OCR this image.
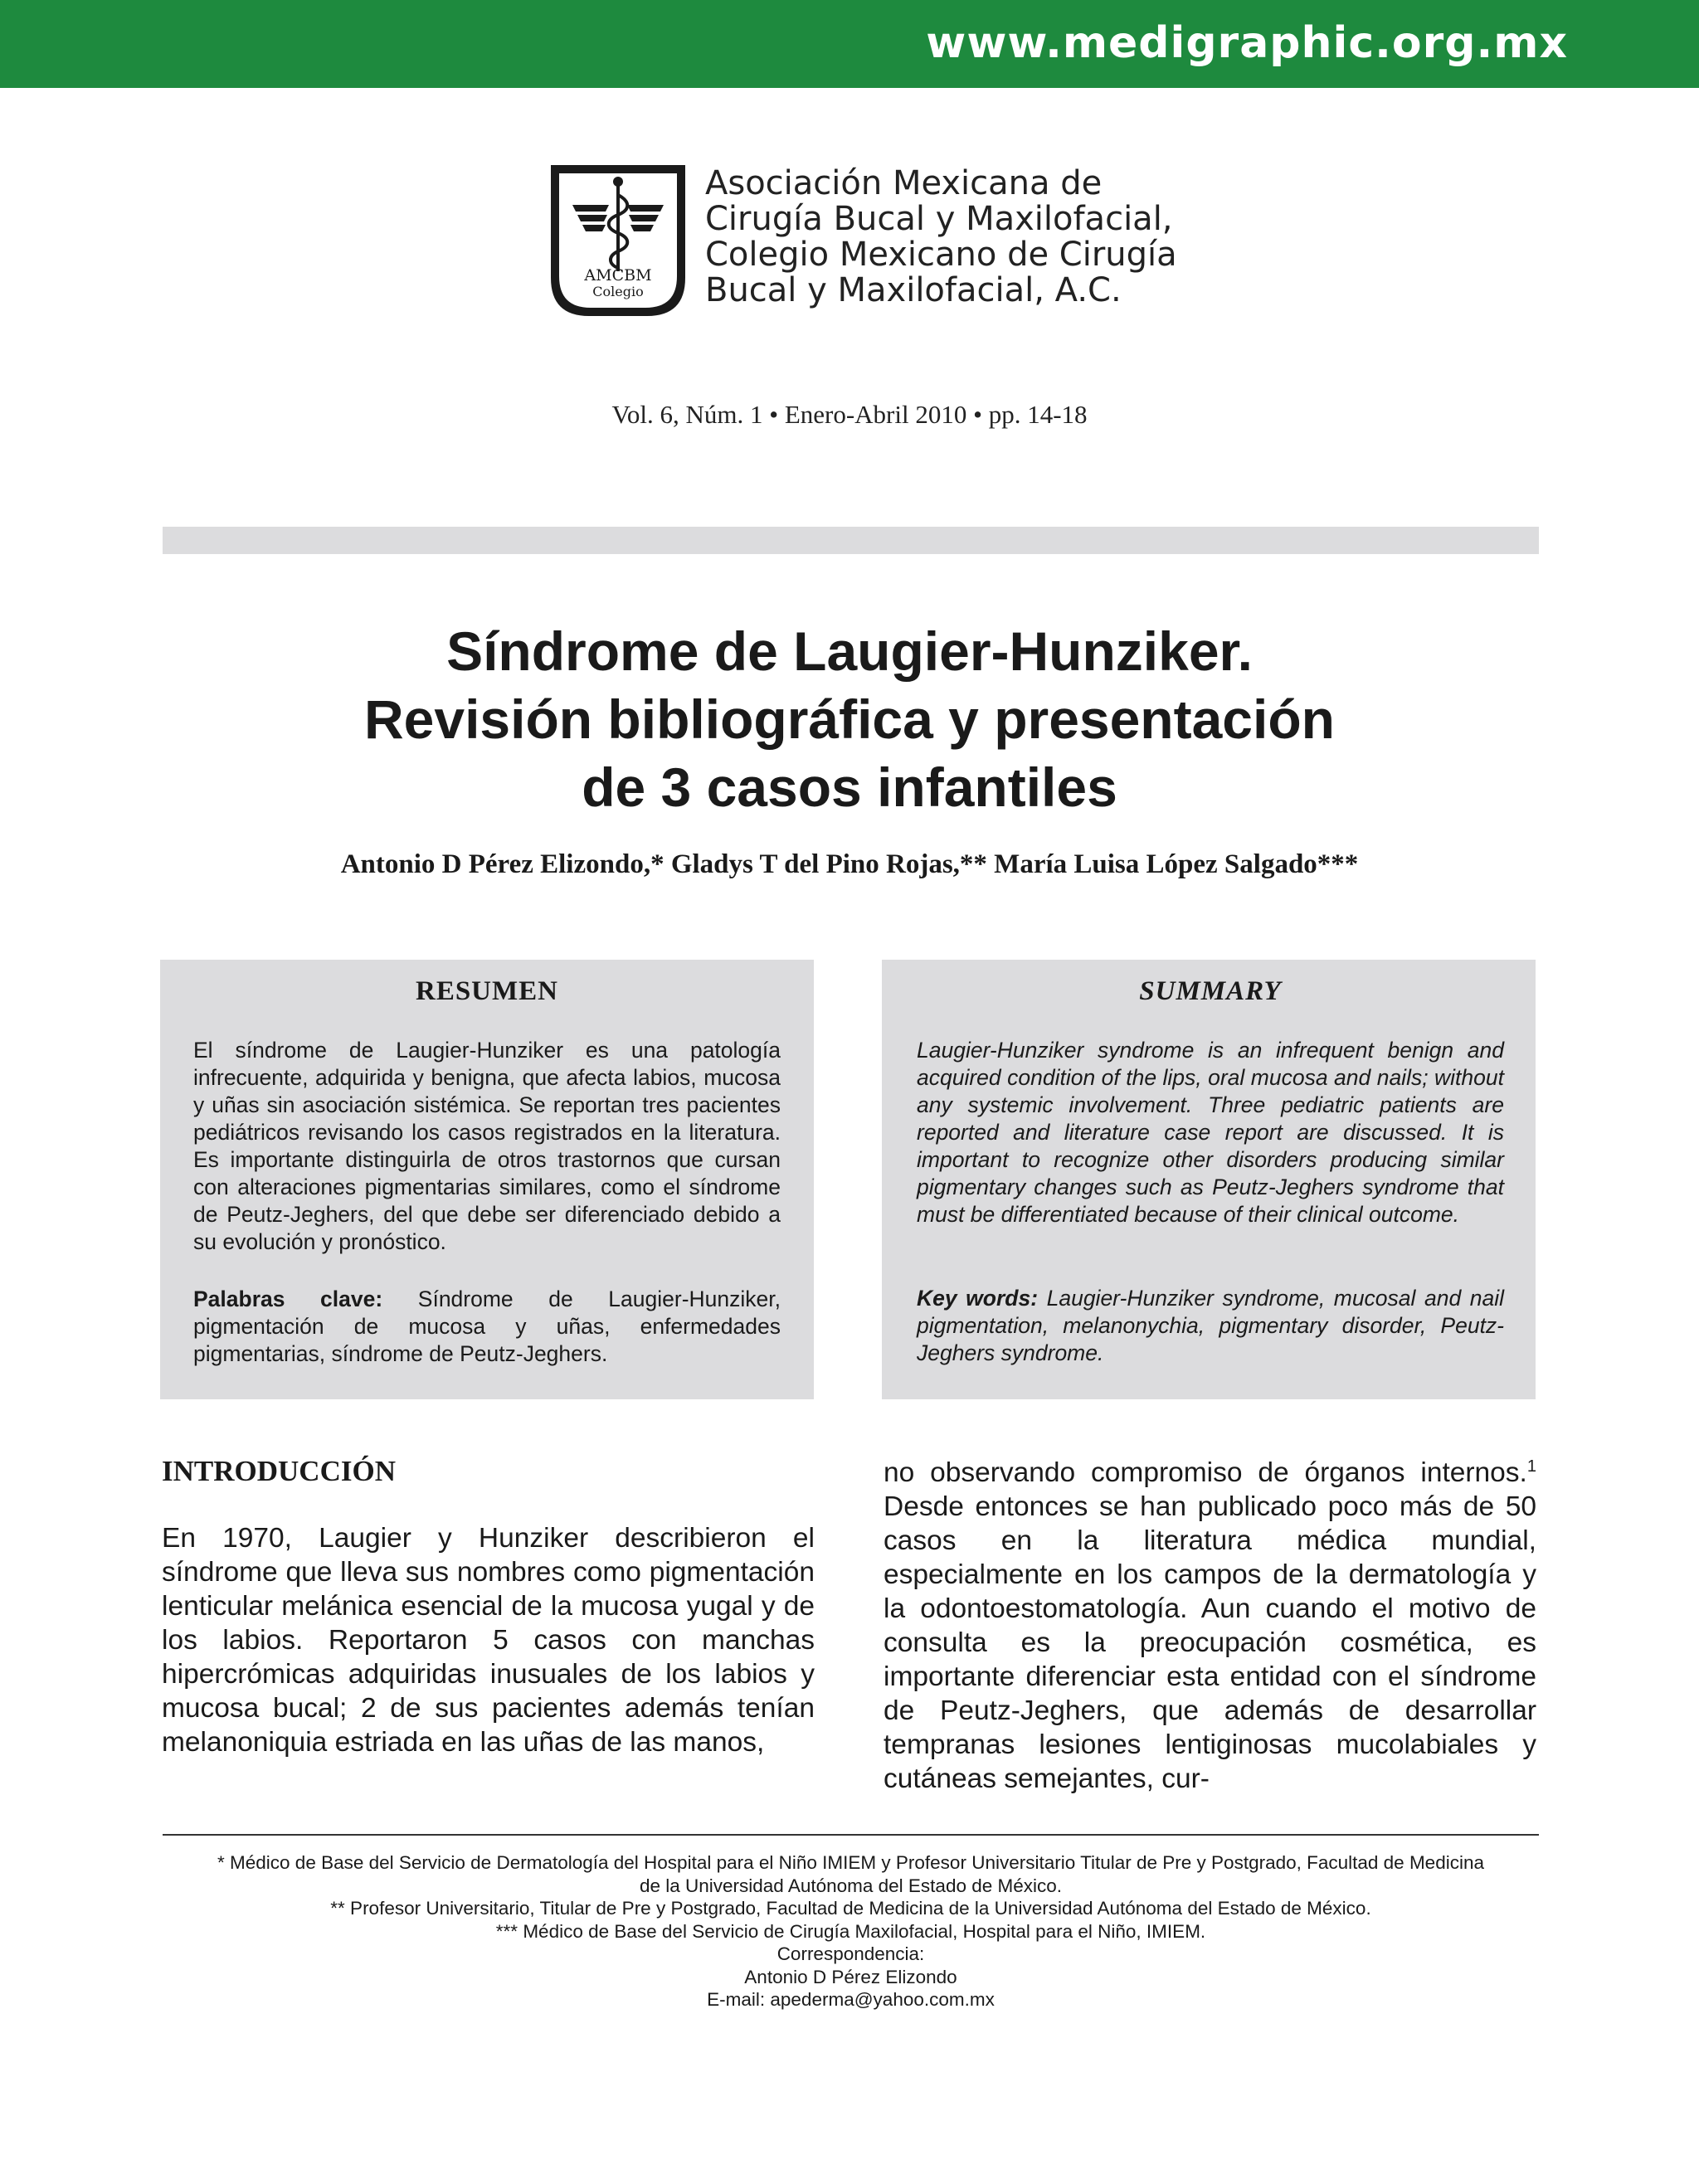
www.medigraphic.org.mx
AMCBM
Colegio
Asociación Mexicana de
Cirugía Bucal y Maxilofacial,
Colegio Mexicano de Cirugía
Bucal y Maxilofacial, A.C.
Vol. 6, Núm. 1 • Enero-Abril 2010 • pp. 14-18
Síndrome de Laugier-Hunziker.
Revisión bibliográfica y presentación
de 3 casos infantiles
Antonio D Pérez Elizondo,* Gladys T del Pino Rojas,** María Luisa López Salgado***
RESUMEN

El síndrome de Laugier-Hunziker es una patología infrecuente, adquirida y benigna, que afecta labios, mucosa y uñas sin asociación sistémica. Se reportan tres pacientes pediátricos revisando los casos registrados en la literatura. Es importante distinguirla de otros trastornos que cursan con alteraciones pigmentarias similares, como el síndrome de Peutz-Jeghers, del que debe ser diferenciado debido a su evolución y pronóstico.

Palabras clave: Síndrome de Laugier-Hunziker, pigmentación de mucosa y uñas, enfermedades pigmentarias, síndrome de Peutz-Jeghers.

SUMMARY

Laugier-Hunziker syndrome is an infrequent benign and acquired condition of the lips, oral mucosa and nails; without any systemic involvement. Three pediatric patients are reported and literature case report are discussed. It is important to recognize other disorders producing similar pigmentary changes such as Peutz-Jeghers syndrome that must be differentiated because of their clinical outcome.

Key words: Laugier-Hunziker syndrome, mucosal and nail pigmentation, melanonychia, pigmentary disorder, Peutz-Jeghers syndrome.

INTRODUCCIÓN

En 1970, Laugier y Hunziker describieron el síndrome que lleva sus nombres como pigmentación lenticular melánica esencial de la mucosa yugal y de los labios. Reportaron 5 casos con manchas hipercrómicas adquiridas inusuales de los labios y mucosa bucal; 2 de sus pacientes además tenían melanoniquia estriada en las uñas de las manos,

no observando compromiso de órganos internos.$^1$ Desde entonces se han publicado poco más de 50 casos en la literatura médica mundial, especialmente en los campos de la dermatología y la odontoestomatología. Aun cuando el motivo de consulta es la preocupación cosmética, es importante diferenciar esta entidad con el síndrome de Peutz-Jeghers, que además de desarrollar tempranas lesiones lentiginosas mucolabiales y cutáneas semejantes, cur-

* Médico de Base del Servicio de Dermatología del Hospital para el Niño IMIEM y Profesor Universitario Titular de Pre y Postgrado, Facultad de Medicina
de la Universidad Autónoma del Estado de México.
** Profesor Universitario, Titular de Pre y Postgrado, Facultad de Medicina de la Universidad Autónoma del Estado de México.
*** Médico de Base del Servicio de Cirugía Maxilofacial, Hospital para el Niño, IMIEM.
Correspondencia:
Antonio D Pérez Elizondo
E-mail: apederma@yahoo.com.mx
